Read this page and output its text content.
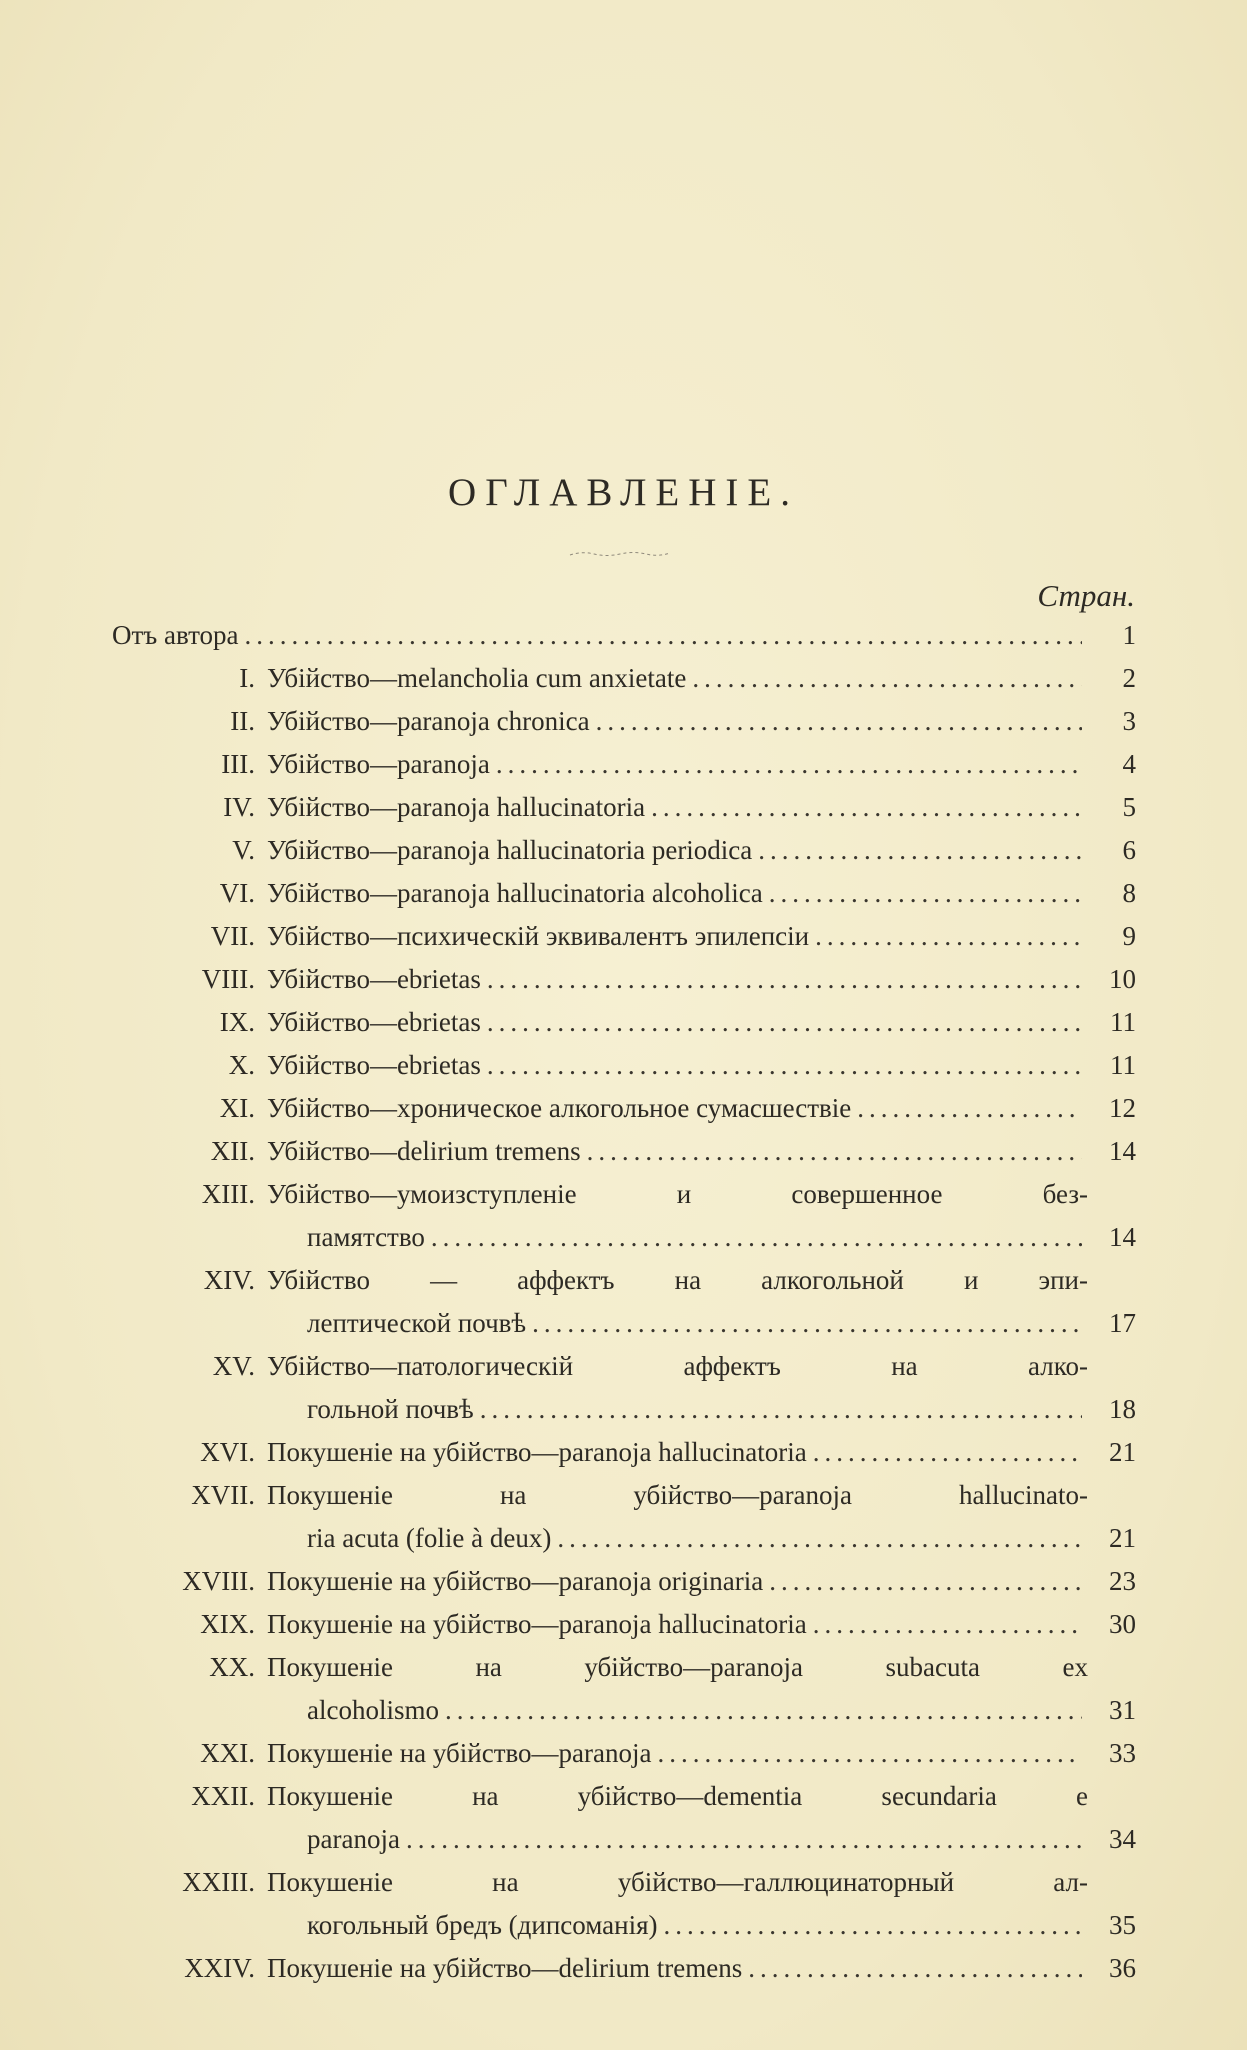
ОГЛАВЛЕНІЕ.
Стран.
Отъ автора .....	1
I. Убійство—melancholia cum anxietate .....	2
II. Убійство—paranoja chronica .....	3
III. Убійство—paranoja .....	4
IV. Убійство—paranoja hallucinatoria .....	5
V. Убійство—paranoja hallucinatoria periodica .....	6
VI. Убійство—paranoja hallucinatoria alcoholica .....	8
VII. Убійство—психическій эквивалентъ эпилепсіи .....	9
VIII. Убійство—ebrietas .....	10
IX. Убійство—ebrietas .....	11
X. Убійство—ebrietas .....	11
XI. Убійство—хроническое алкогольное сумасшествіе .....	12
XII. Убійство—delirium tremens .....	14
XIII. Убійство—умоизступленіе и совершенное без-
памятство .....	14
XIV. Убійство — аффектъ на алкогольной и эпи-
лептической почвѣ .....	17
XV. Убійство—патологическій аффектъ на алко-
гольной почвѣ .....	18
XVI. Покушеніе на убійство—paranoja hallucinatoria .....	21
XVII. Покушеніе на убійство—paranoja hallucinato-
ria acuta (folie à deux) .....	21
XVIII. Покушеніе на убійство—paranoja originaria .....	23
XIX. Покушеніе на убійство—paranoja hallucinatoria .....	30
XX. Покушеніе на убійство—paranoja subacuta ex
alcoholismo .....	31
XXI. Покушеніе на убійство—paranoja .....	33
XXII. Покушеніе на убійство—dementia secundaria e
paranoja .....	34
XXIII. Покушеніе на убійство—галлюцинаторный ал-
когольный бредъ (дипсоманія) .....	35
XXIV. Покушеніе на убійство—delirium tremens .....	36
